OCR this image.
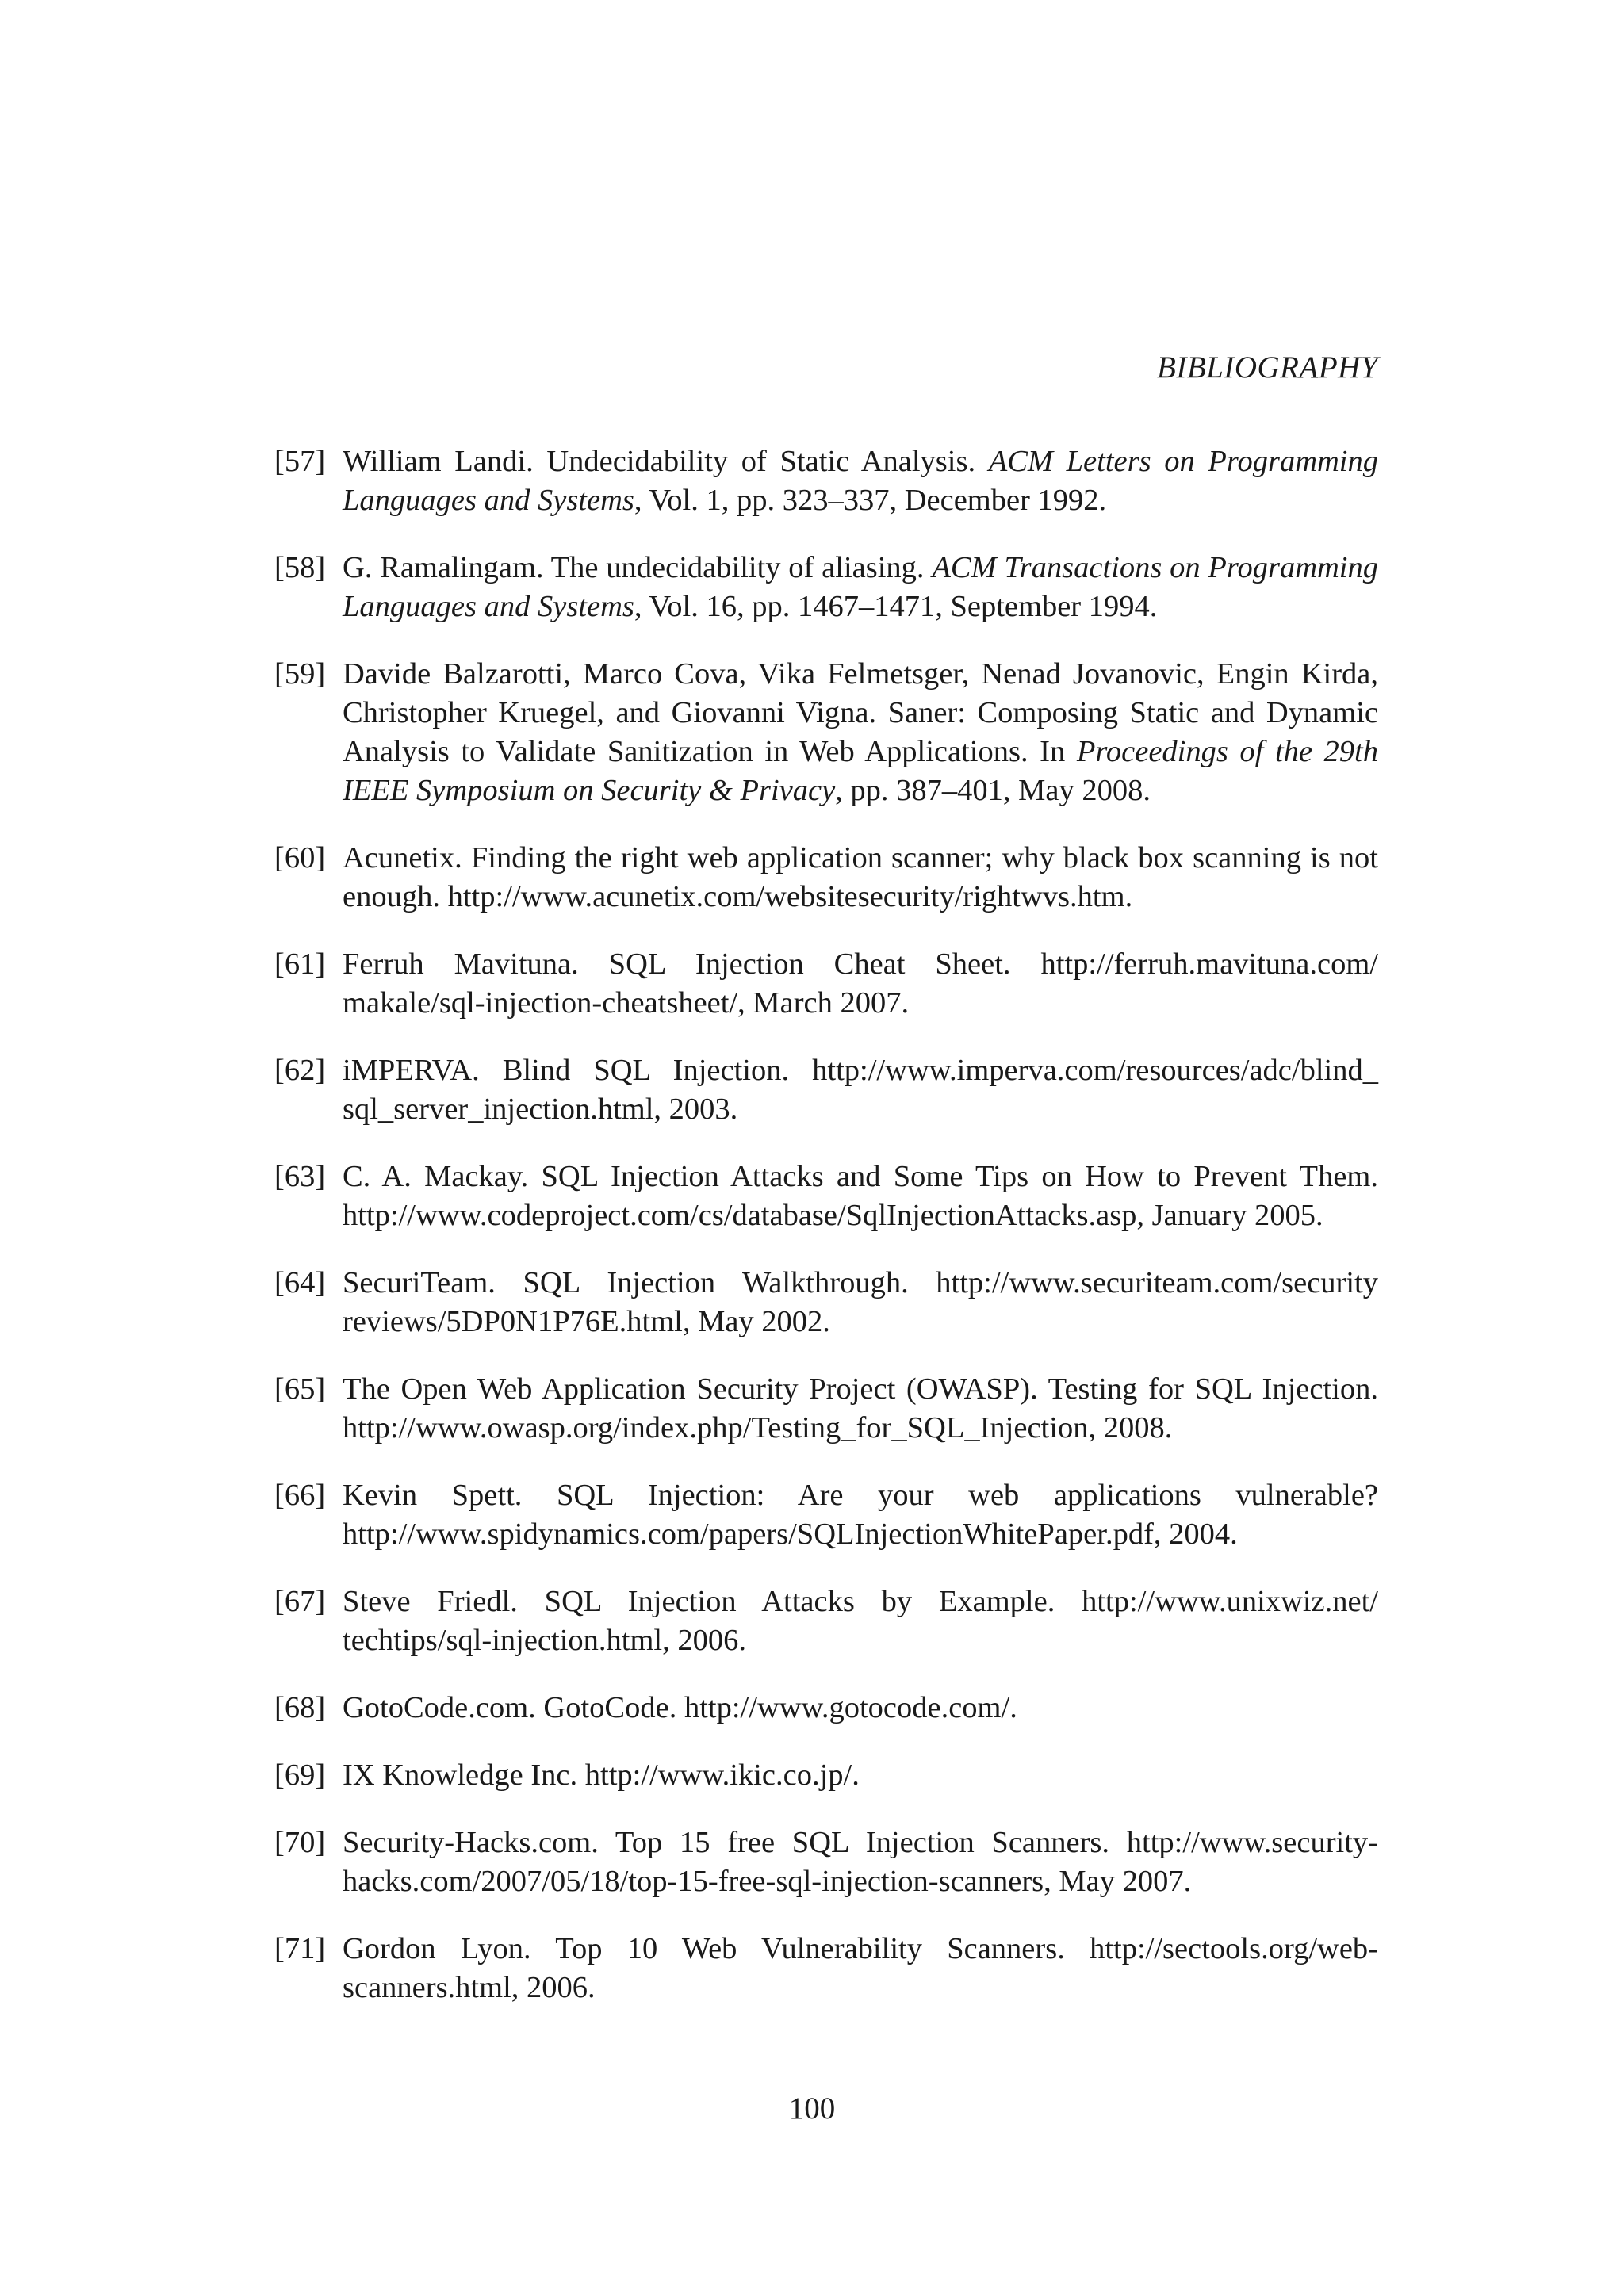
BIBLIOGRAPHY
[57] William Landi. Undecidability of Static Analysis. ACM Letters on Programming Languages and Systems, Vol. 1, pp. 323–337, December 1992.
[58] G. Ramalingam. The undecidability of aliasing. ACM Transactions on Programming Languages and Systems, Vol. 16, pp. 1467–1471, September 1994.
[59] Davide Balzarotti, Marco Cova, Vika Felmetsger, Nenad Jovanovic, Engin Kirda, Christopher Kruegel, and Giovanni Vigna. Saner: Composing Static and Dynamic Analysis to Validate Sanitization in Web Applications. In Proceedings of the 29th IEEE Symposium on Security & Privacy, pp. 387–401, May 2008.
[60] Acunetix. Finding the right web application scanner; why black box scanning is not enough. http://www.acunetix.com/websitesecurity/rightwvs.htm.
[61] Ferruh Mavituna. SQL Injection Cheat Sheet. http://ferruh.mavituna.com/ makale/sql-injection-cheatsheet/, March 2007.
[62] iMPERVA. Blind SQL Injection. http://www.imperva.com/resources/adc/blind_ sql_server_injection.html, 2003.
[63] C. A. Mackay. SQL Injection Attacks and Some Tips on How to Prevent Them. http://www.codeproject.com/cs/database/SqlInjectionAttacks.asp, January 2005.
[64] SecuriTeam. SQL Injection Walkthrough. http://www.securiteam.com/security reviews/5DP0N1P76E.html, May 2002.
[65] The Open Web Application Security Project (OWASP). Testing for SQL Injection. http://www.owasp.org/index.php/Testing_for_SQL_Injection, 2008.
[66] Kevin Spett. SQL Injection: Are your web applications vulnerable? http://www.spidynamics.com/papers/SQLInjectionWhitePaper.pdf, 2004.
[67] Steve Friedl. SQL Injection Attacks by Example. http://www.unixwiz.net/ techtips/sql-injection.html, 2006.
[68] GotoCode.com. GotoCode. http://www.gotocode.com/.
[69] IX Knowledge Inc. http://www.ikic.co.jp/.
[70] Security-Hacks.com. Top 15 free SQL Injection Scanners. http://www.security-hacks.com/2007/05/18/top-15-free-sql-injection-scanners, May 2007.
[71] Gordon Lyon. Top 10 Web Vulnerability Scanners. http://sectools.org/web-scanners.html, 2006.
100
